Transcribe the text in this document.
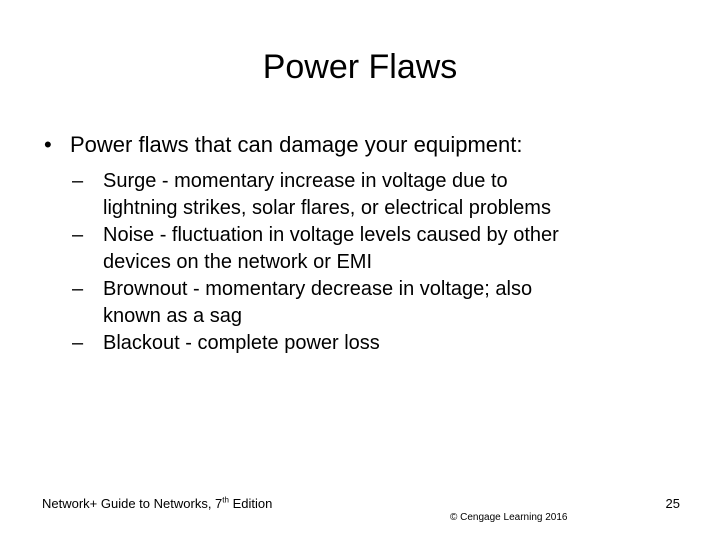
Power Flaws
• Power flaws that can damage your equipment:
– Surge - momentary increase in voltage due to
lightning strikes, solar flares, or electrical problems
– Noise - fluctuation in voltage levels caused by other
devices on the network or EMI
– Brownout - momentary decrease in voltage; also
known as a sag
– Blackout - complete power loss
Network+ Guide to Networks, 7th Edition
© Cengage Learning 2016
25
